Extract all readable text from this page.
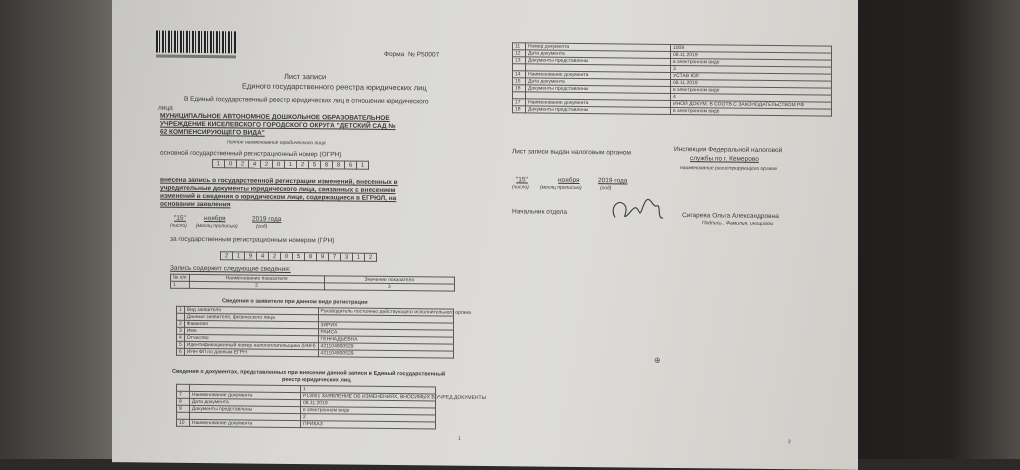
Форма № Р50007
Лист записи
Единого государственного реестра юридических лиц
В Единый государственный реестр юридических лиц в отношении юридического
лица
МУНИЦИПАЛЬНОЕ АВТОНОМНОЕ ДОШКОЛЬНОЕ ОБРАЗОВАТЕЛЬНОЕ
УЧРЕЖДЕНИЕ КИСЕЛЕВСКОГО ГОРОДСКОГО ОКРУГА "ДЕТСКИЙ САД №
62 КОМПЕНСИРУЮЩЕГО ВИДА"
полное наименование юридического лица
основной государственный регистрационный номер (ОГРН)
1	0	2	4	2	0	1	2	5	8	8	6	1
внесена запись о государственной регистрации изменений, внесенных в
учредительные документы юридического лица, связанных с внесением
изменений в сведения о юридическом лице, содержащиеся в ЕГРЮЛ, на
основании заявления
"15"	ноября	2019 года
(число) (месяц прописью)	(год)
за государственным регистрационным номером (ГРН)
2	1	9	4	2	0	5	8	9	7	3	1	2
Запись содержит следующие сведения:
№ п/п	Наименование показателя	Значение показателя
1	2	3
Сведения о заявителе при данном виде регистрации
1	Вид заявителя	Руководитель постоянно действующего исполнительного органа
	Данные заявителя, физического лица	
2	Фамилия	ЗИРИХ
3	Имя	РАИСА
4	Отчество	ГЕННАДЬЕВНА
5	Идентификационный номер налогоплательщика (ИНН)	421104800529
6	ИНН ФЛ по данным ЕГРН	421104800529
Сведения о документах, представленных при внесении данной записи в Единый государственный
реестр юридических лиц
		1
7	Наименование документа	Р13001 ЗАЯВЛЕНИЕ ОБ ИЗМЕНЕНИЯХ, ВНОСИМЫХ В УЧРЕД.ДОКУМЕНТЫ
8	Дата документа	08.11.2019
9	Документы представлены	в электронном виде
		2
10	Наименование документа	ПРИКАЗ
1
11	Номер документа	1009
12	Дата документа	08.11.2019
13	Документы представлены	в электронном виде
		3
14	Наименование документа	УСТАВ ЮЛ
15	Дата документа	08.11.2019
16	Документы представлены	в электронном виде
		4
17	Наименование документа	ИНОЙ ДОКУМ. В СООТВ.С ЗАКОНОДАТЕЛЬСТВОМ РФ
18	Документы представлены	в электронном виде
Лист записи выдан налоговым органом	Инспекция Федеральной налоговой
службы по г. Кемерово
наименование регистрирующего органа
"15"	ноября	2019 года
(число) (месяц прописью)	(год)
Начальник отдела	Сигарева Ольга Александровна
Подпись , Фамилия, инициалы
⊕
2
